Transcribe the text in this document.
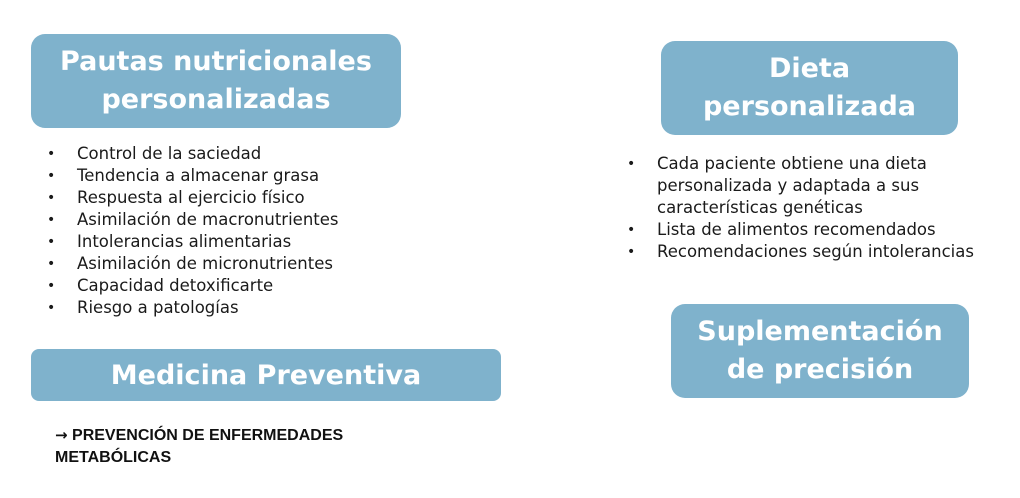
Pautas nutricionales
personalizadas
• Control de la saciedad
• Tendencia a almacenar grasa
• Respuesta al ejercicio físico
• Asimilación de macronutrientes
• Intolerancias alimentarias
• Asimilación de micronutrientes
• Capacidad detoxificarte
• Riesgo a patologías
Dieta
personalizada
• Cada paciente obtiene una dieta personalizada y adaptada a sus características genéticas
• Lista de alimentos recomendados
• Recomendaciones según intolerancias
Medicina Preventiva
→ PREVENCIÓN DE ENFERMEDADES
METABÓLICAS
Suplementación
de precisión
